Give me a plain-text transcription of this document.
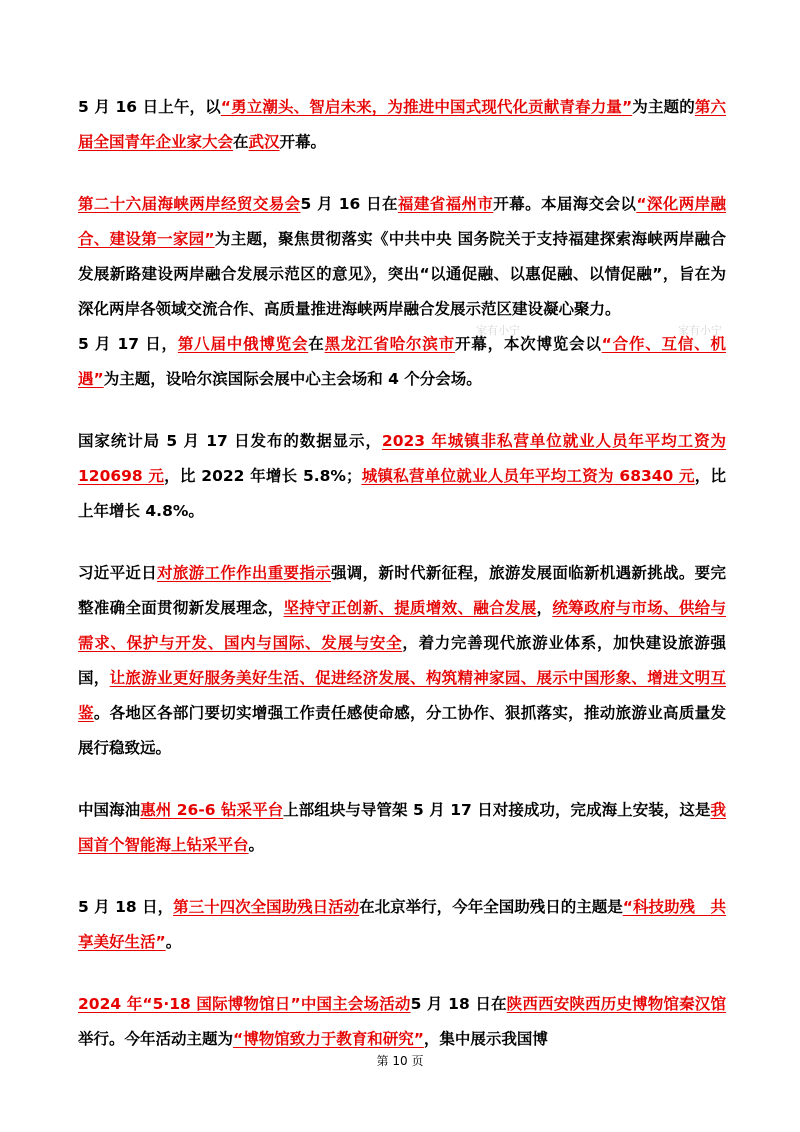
5 月 16 日上午，以“勇立潮头、智启未来，为推进中国式现代化贡献青春力量”为主题的第六届全国青年企业家大会在武汉开幕。

第二十六届海峡两岸经贸交易会5 月 16 日在福建省福州市开幕。本届海交会以“深化两岸融合、建设第一家园”为主题，聚焦贯彻落实《中共中央 国务院关于支持福建探索海峡两岸融合发展新路建设两岸融合发展示范区的意见》，突出“以通促融、以惠促融、以情促融”，旨在为深化两岸各领域交流合作、高质量推进海峡两岸融合发展示范区建设凝心聚力。

5 月 17 日，第八届中俄博览会在黑龙江省哈尔滨市开幕，本次博览会以“合作、互信、机遇”为主题，设哈尔滨国际会展中心主会场和 4 个分会场。

国家统计局 5 月 17 日发布的数据显示，2023 年城镇非私营单位就业人员年平均工资为 120698 元，比 2022 年增长 5.8%；城镇私营单位就业人员年平均工资为 68340 元，比上年增长 4.8%。

习近平近日对旅游工作作出重要指示强调，新时代新征程，旅游发展面临新机遇新挑战。要完整准确全面贯彻新发展理念，坚持守正创新、提质增效、融合发展，统筹政府与市场、供给与需求、保护与开发、国内与国际、发展与安全，着力完善现代旅游业体系，加快建设旅游强国，让旅游业更好服务美好生活、促进经济发展、构筑精神家园、展示中国形象、增进文明互鉴。各地区各部门要切实增强工作责任感使命感，分工协作、狠抓落实，推动旅游业高质量发展行稳致远。

中国海油惠州 26-6 钻采平台上部组块与导管架 5 月 17 日对接成功，完成海上安装，这是我国首个智能海上钻采平台。

5 月 18 日，第三十四次全国助残日活动在北京举行，今年全国助残日的主题是“科技助残　共享美好生活”。

2024 年“5·18 国际博物馆日”中国主会场活动5 月 18 日在陕西西安陕西历史博物馆秦汉馆举行。今年活动主题为“博物馆致力于教育和研究”，集中展示我国博

家有小宁	家有小宁
第 10 页
